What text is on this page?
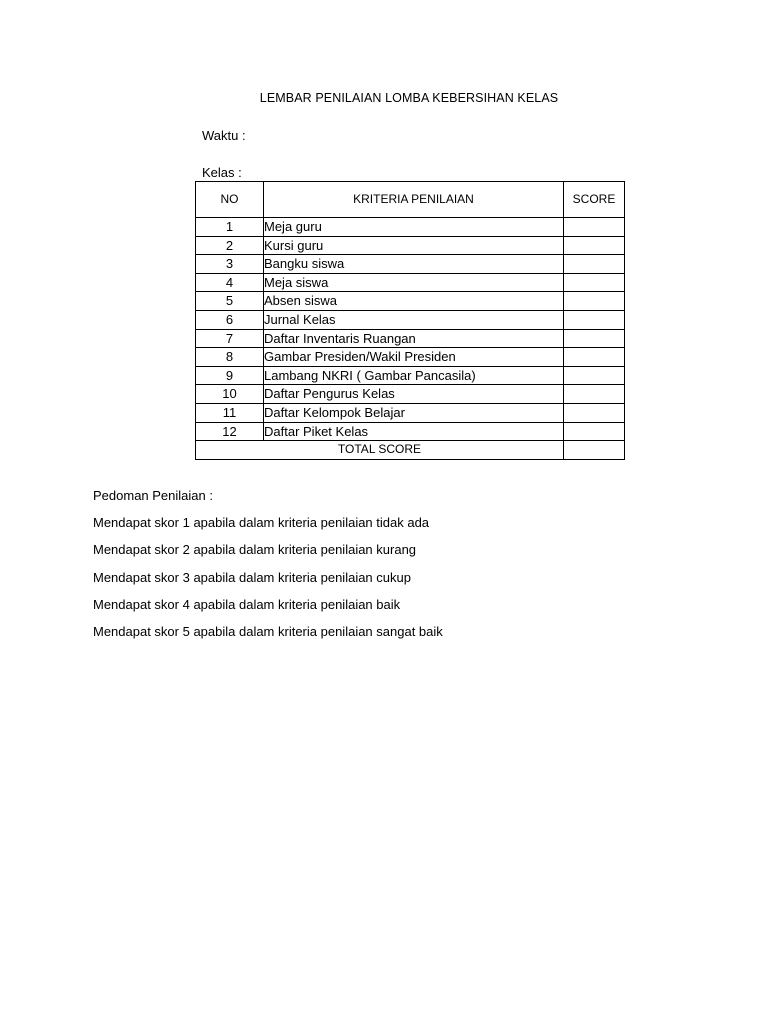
LEMBAR PENILAIAN LOMBA KEBERSIHAN KELAS
Waktu :
Kelas :
NO	KRITERIA PENILAIAN	SCORE
1	Meja guru	
2	Kursi guru	
3	Bangku siswa	
4	Meja siswa	
5	Absen siswa	
6	Jurnal Kelas	
7	Daftar Inventaris Ruangan	
8	Gambar Presiden/Wakil Presiden	
9	Lambang NKRI ( Gambar Pancasila)	
10	Daftar Pengurus Kelas	
11	Daftar Kelompok Belajar	
12	Daftar Piket Kelas	
TOTAL SCORE		
Pedoman Penilaian :
Mendapat skor 1 apabila dalam kriteria penilaian tidak ada
Mendapat skor 2 apabila dalam kriteria penilaian kurang
Mendapat skor 3 apabila dalam kriteria penilaian cukup
Mendapat skor 4 apabila dalam kriteria penilaian baik
Mendapat skor 5 apabila dalam kriteria penilaian sangat baik
